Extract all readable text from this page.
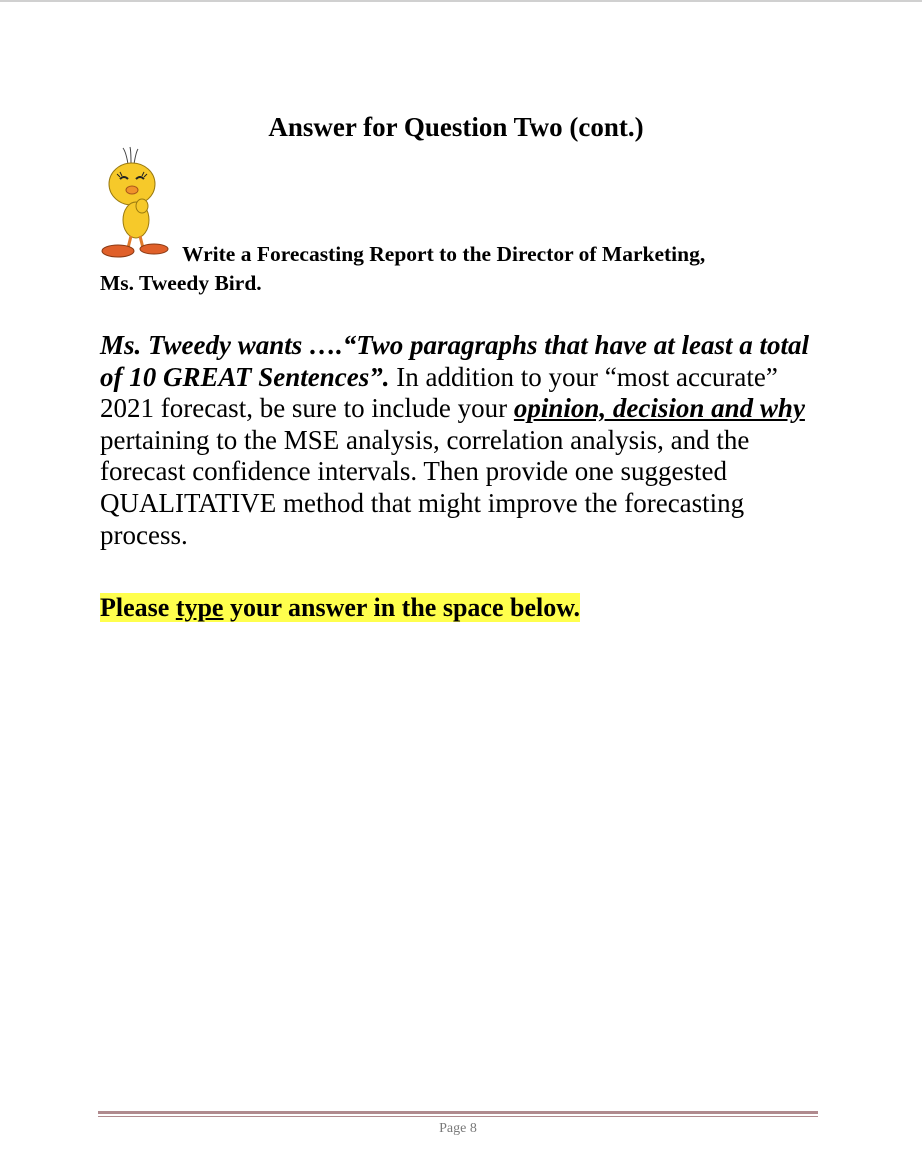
Answer for Question Two (cont.)
Write a Forecasting Report to the Director of Marketing,
Ms. Tweedy Bird.
Ms. Tweedy wants ….“Two paragraphs that have at least a total of 10 GREAT Sentences”. In addition to your “most accurate” 2021 forecast, be sure to include your opinion, decision and why pertaining to the MSE analysis, correlation analysis, and the forecast confidence intervals. Then provide one suggested QUALITATIVE method that might improve the forecasting process.
Please type your answer in the space below.
Page 8
